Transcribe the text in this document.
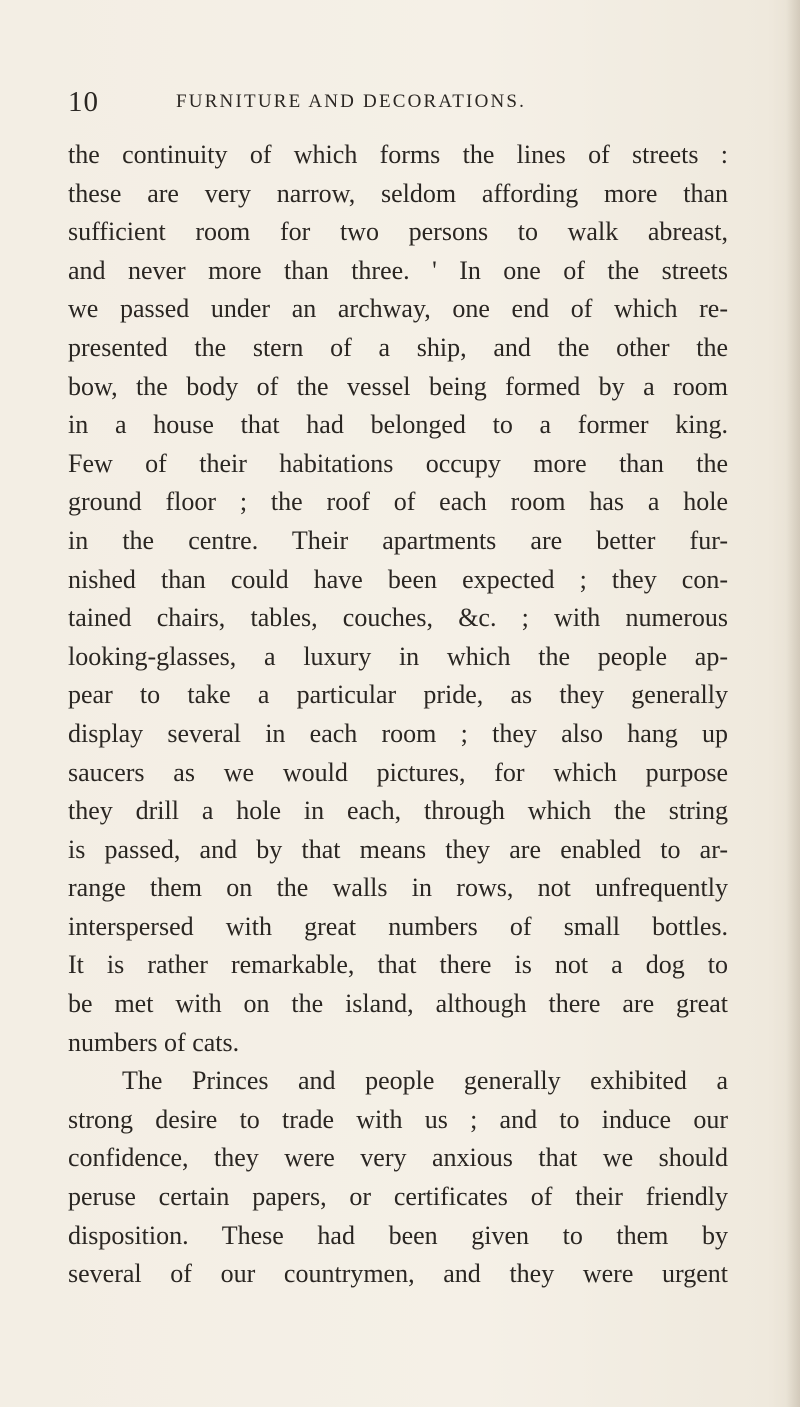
10	FURNITURE AND DECORATIONS.
the continuity of which forms the lines of streets :
these are very narrow, seldom affording more than
sufficient room for two persons to walk abreast,
and never more than three. ' In one of the streets
we passed under an archway, one end of which re-
presented the stern of a ship, and the other the
bow, the body of the vessel being formed by a room
in a house that had belonged to a former king.
Few of their habitations occupy more than the
ground floor ; the roof of each room has a hole
in the centre. Their apartments are better fur-
nished than could have been expected ; they con-
tained chairs, tables, couches, &c. ; with numerous
looking-glasses, a luxury in which the people ap-
pear to take a particular pride, as they generally
display several in each room ; they also hang up
saucers as we would pictures, for which purpose
they drill a hole in each, through which the string
is passed, and by that means they are enabled to ar-
range them on the walls in rows, not unfrequently
interspersed with great numbers of small bottles.
It is rather remarkable, that there is not a dog to
be met with on the island, although there are great
numbers of cats.
The Princes and people generally exhibited a
strong desire to trade with us ; and to induce our
confidence, they were very anxious that we should
peruse certain papers, or certificates of their friendly
disposition. These had been given to them by
several of our countrymen, and they were urgent
